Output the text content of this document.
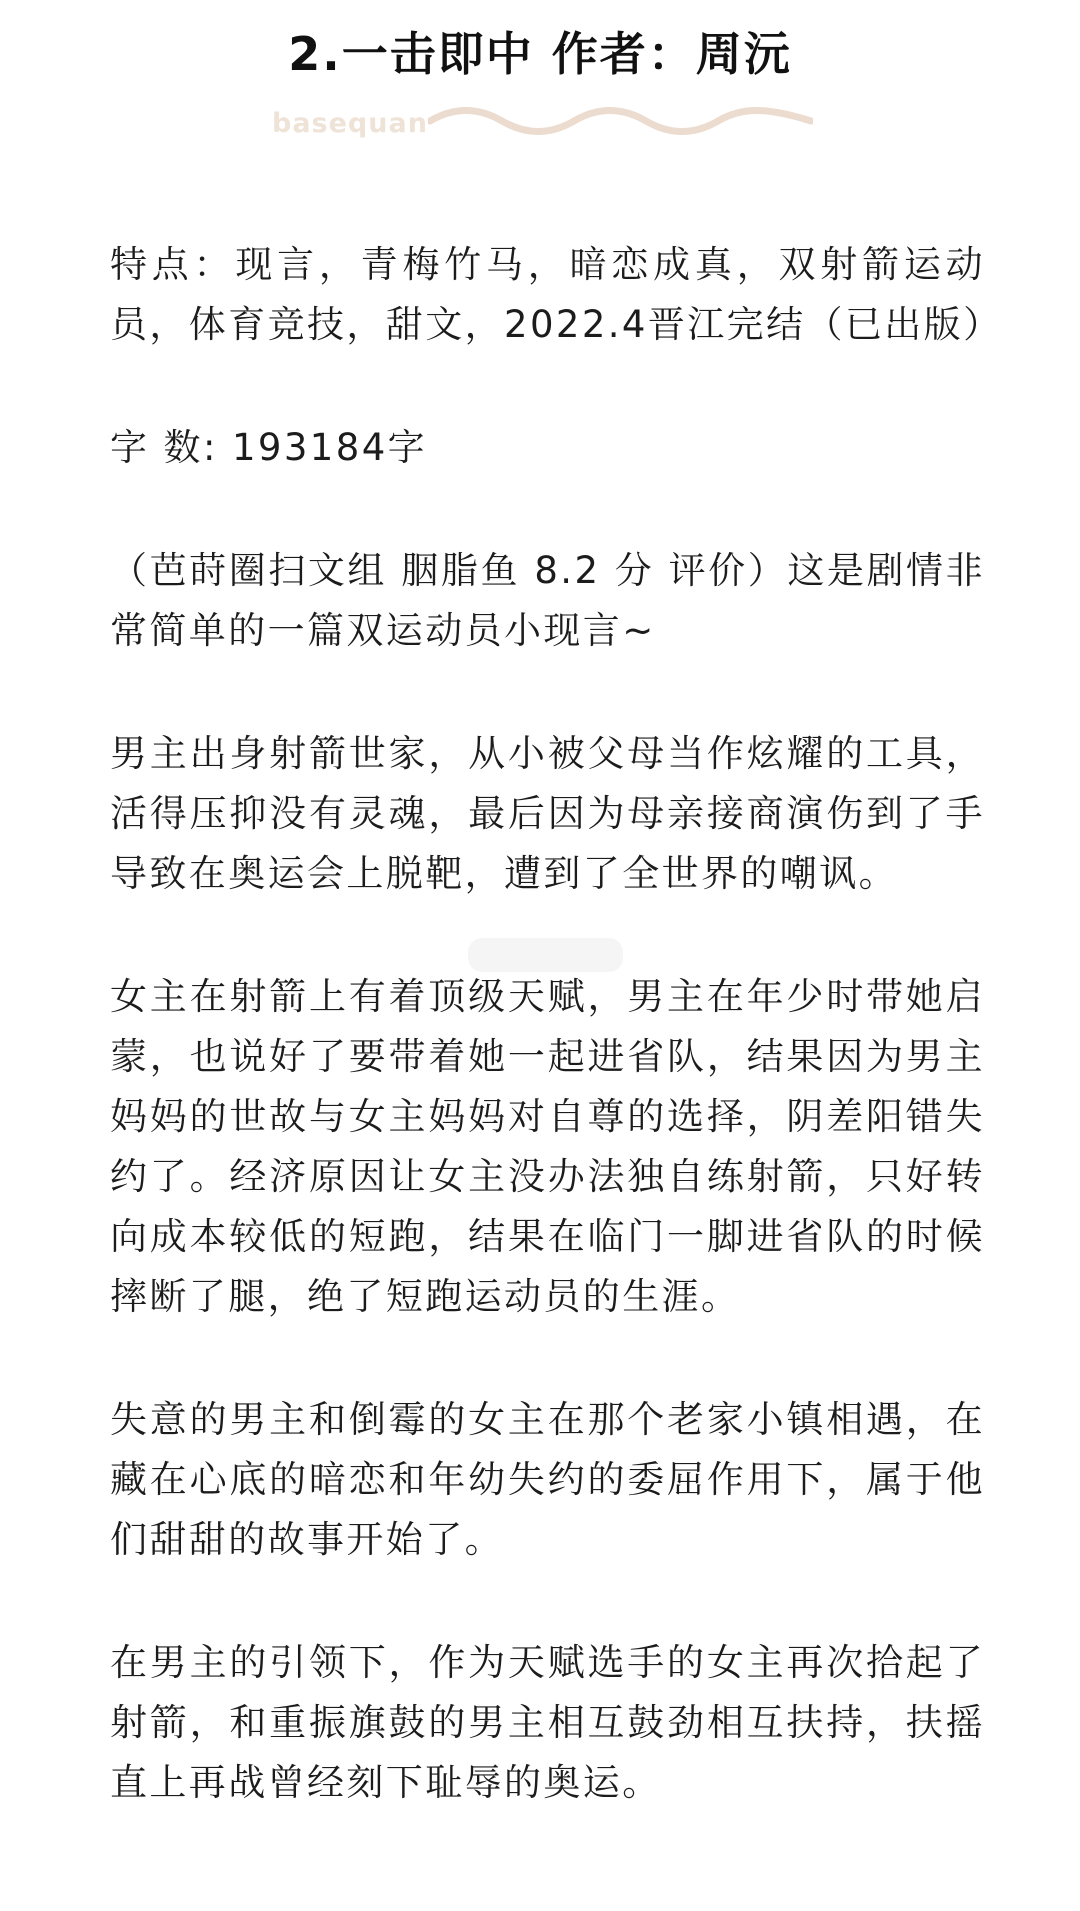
2.一击即中 作者：周沅
basequan

特点：现言，青梅竹马，暗恋成真，双射箭运动员，体育竞技，甜文，2022.4晋江完结（已出版）

字 数: 193184字

（芭莳圈扫文组 胭脂鱼 8.2 分 评价）这是剧情非常简单的一篇双运动员小现言~

男主出身射箭世家，从小被父母当作炫耀的工具，活得压抑没有灵魂，最后因为母亲接商演伤到了手导致在奥运会上脱靶，遭到了全世界的嘲讽。

女主在射箭上有着顶级天赋，男主在年少时带她启蒙，也说好了要带着她一起进省队，结果因为男主妈妈的世故与女主妈妈对自尊的选择，阴差阳错失约了。经济原因让女主没办法独自练射箭，只好转向成本较低的短跑，结果在临门一脚进省队的时候摔断了腿，绝了短跑运动员的生涯。

失意的男主和倒霉的女主在那个老家小镇相遇，在藏在心底的暗恋和年幼失约的委屈作用下，属于他们甜甜的故事开始了。

在男主的引领下，作为天赋选手的女主再次拾起了射箭，和重振旗鼓的男主相互鼓劲相互扶持，扶摇直上再战曾经刻下耻辱的奥运。
